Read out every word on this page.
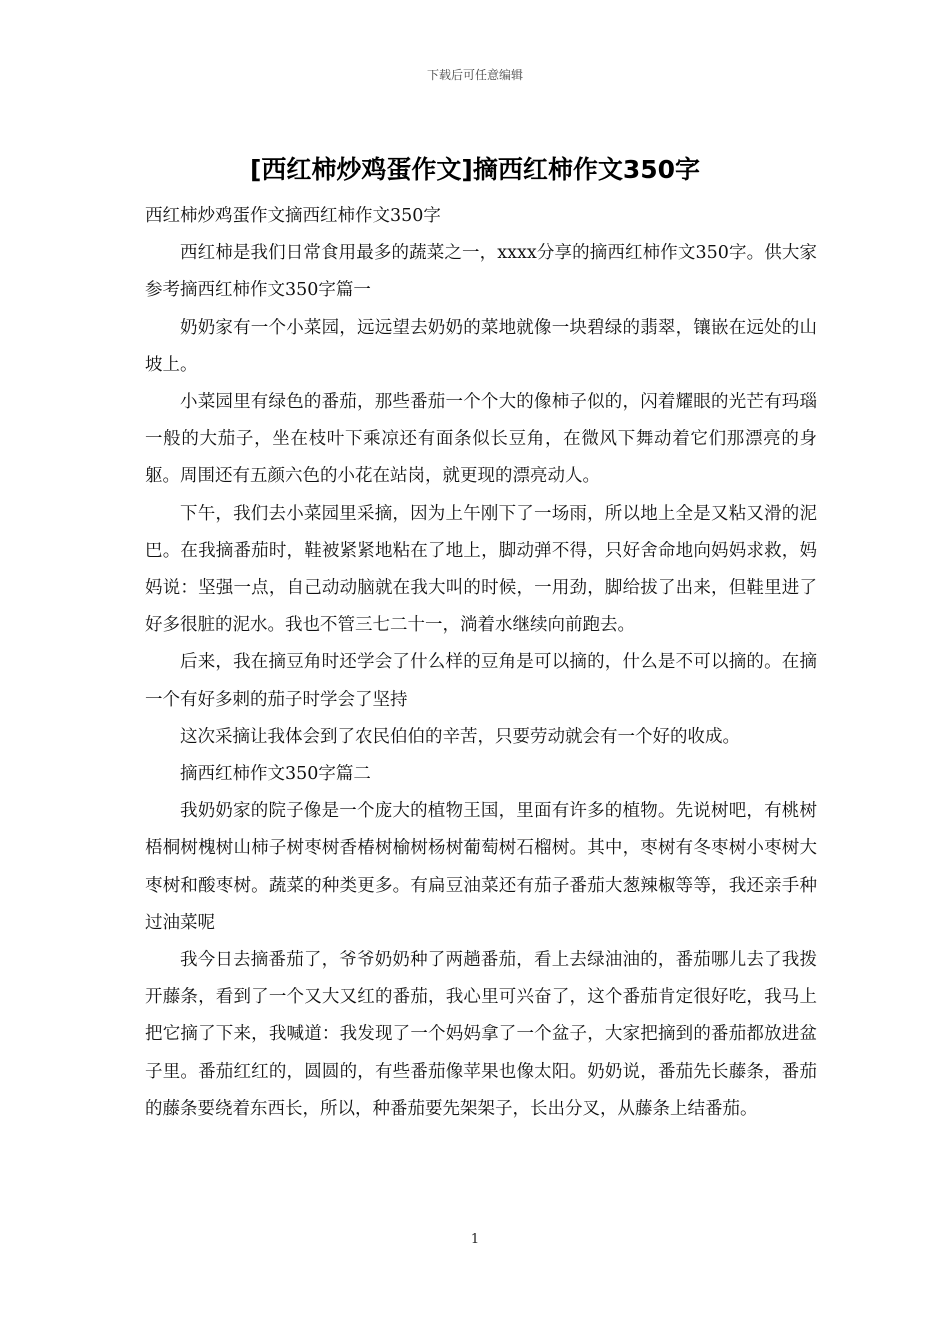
下载后可任意编辑
[西红柿炒鸡蛋作文]摘西红柿作文350字

西红柿炒鸡蛋作文摘西红柿作文350字

西红柿是我们日常食用最多的蔬菜之一，xxxx分享的摘西红柿作文350字。供大家参考摘西红柿作文350字篇一

奶奶家有一个小菜园，远远望去奶奶的菜地就像一块碧绿的翡翠，镶嵌在远处的山坡上。

小菜园里有绿色的番茄，那些番茄一个个大的像柿子似的，闪着耀眼的光芒有玛瑙一般的大茄子，坐在枝叶下乘凉还有面条似长豆角，在微风下舞动着它们那漂亮的身躯。周围还有五颜六色的小花在站岗，就更现的漂亮动人。

下午，我们去小菜园里采摘，因为上午刚下了一场雨，所以地上全是又粘又滑的泥巴。在我摘番茄时，鞋被紧紧地粘在了地上，脚动弹不得，只好舍命地向妈妈求救，妈妈说：坚强一点，自己动动脑就在我大叫的时候，一用劲，脚给拔了出来，但鞋里进了好多很脏的泥水。我也不管三七二十一，淌着水继续向前跑去。

后来，我在摘豆角时还学会了什么样的豆角是可以摘的，什么是不可以摘的。在摘一个有好多刺的茄子时学会了坚持

这次采摘让我体会到了农民伯伯的辛苦，只要劳动就会有一个好的收成。

摘西红柿作文350字篇二

我奶奶家的院子像是一个庞大的植物王国，里面有许多的植物。先说树吧，有桃树梧桐树槐树山柿子树枣树香椿树榆树杨树葡萄树石榴树。其中，枣树有冬枣树小枣树大枣树和酸枣树。蔬菜的种类更多。有扁豆油菜还有茄子番茄大葱辣椒等等，我还亲手种过油菜呢

我今日去摘番茄了，爷爷奶奶种了两趟番茄，看上去绿油油的，番茄哪儿去了我拨开藤条，看到了一个又大又红的番茄，我心里可兴奋了，这个番茄肯定很好吃，我马上把它摘了下来，我喊道：我发现了一个妈妈拿了一个盆子，大家把摘到的番茄都放进盆子里。番茄红红的，圆圆的，有些番茄像苹果也像太阳。奶奶说，番茄先长藤条，番茄的藤条要绕着东西长，所以，种番茄要先架架子，长出分叉，从藤条上结番茄。

1
